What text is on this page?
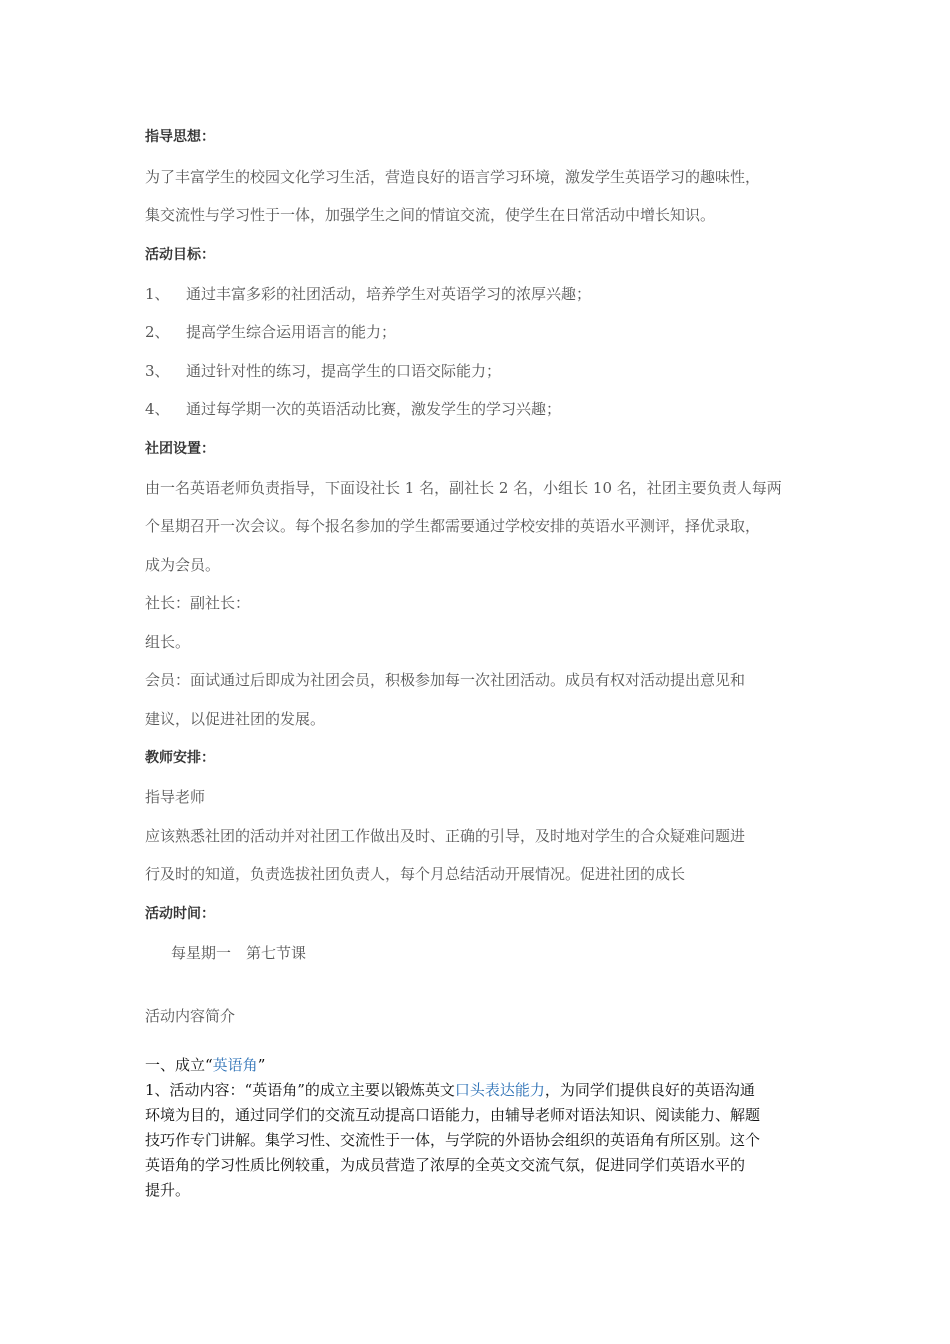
指导思想：

为了丰富学生的校园文化学习生活，营造良好的语言学习环境，激发学生英语学习的趣味性，

集交流性与学习性于一体，加强学生之间的情谊交流，使学生在日常活动中增长知识。

活动目标：

1、 通过丰富多彩的社团活动，培养学生对英语学习的浓厚兴趣；

2、 提高学生综合运用语言的能力；

3、 通过针对性的练习，提高学生的口语交际能力；

4、 通过每学期一次的英语活动比赛，激发学生的学习兴趣；

社团设置：

由一名英语老师负责指导，下面设社长 1 名，副社长 2 名，小组长 10 名，社团主要负责人每两

个星期召开一次会议。每个报名参加的学生都需要通过学校安排的英语水平测评，择优录取，

成为会员。

社长：副社长：

组长。

会员：面试通过后即成为社团会员，积极参加每一次社团活动。成员有权对活动提出意见和

建议，以促进社团的发展。

教师安排：

指导老师

应该熟悉社团的活动并对社团工作做出及时、正确的引导，及时地对学生的合众疑难问题进

行及时的知道，负责选拔社团负责人，每个月总结活动开展情况。促进社团的成长

活动时间：

每星期一　第七节课

活动内容简介

一、成立“英语角”

1、活动内容：“英语角”的成立主要以锻炼英文口头表达能力，为同学们提供良好的英语沟通

环境为目的，通过同学们的交流互动提高口语能力，由辅导老师对语法知识、阅读能力、解题

技巧作专门讲解。集学习性、交流性于一体，与学院的外语协会组织的英语角有所区别。这个

英语角的学习性质比例较重，为成员营造了浓厚的全英文交流气氛，促进同学们英语水平的

提升。
